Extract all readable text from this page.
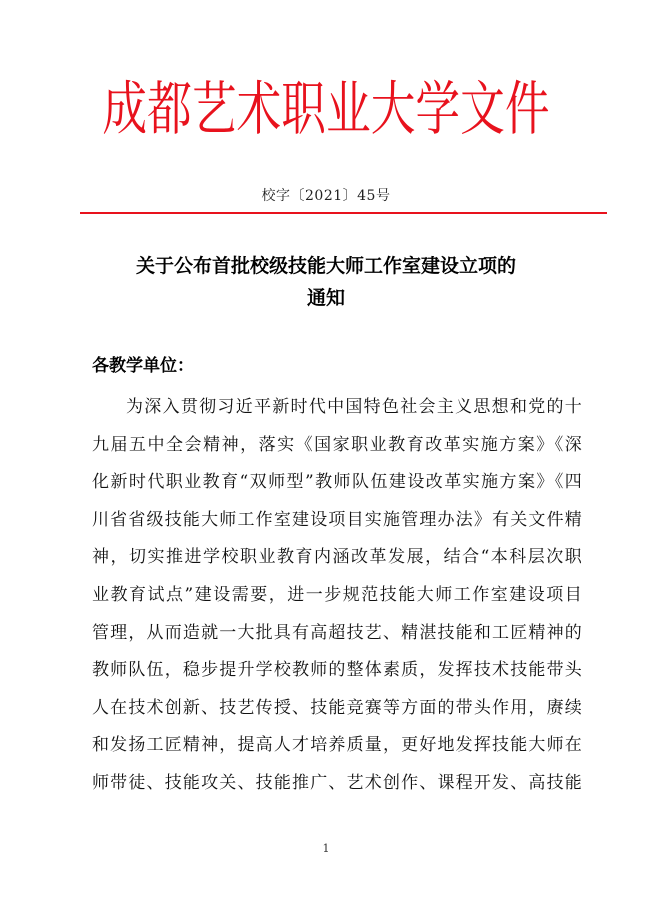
成都艺术职业大学文件
校字〔2021〕45号
关于公布首批校级技能大师工作室建设立项的
通知
各教学单位：
为深入贯彻习近平新时代中国特色社会主义思想和党的十
九届五中全会精神，落实《国家职业教育改革实施方案》《深
化新时代职业教育“双师型”教师队伍建设改革实施方案》《四
川省省级技能大师工作室建设项目实施管理办法》有关文件精
神，切实推进学校职业教育内涵改革发展，结合“本科层次职
业教育试点”建设需要，进一步规范技能大师工作室建设项目
管理，从而造就一大批具有高超技艺、精湛技能和工匠精神的
教师队伍，稳步提升学校教师的整体素质，发挥技术技能带头
人在技术创新、技艺传授、技能竞赛等方面的带头作用，赓续
和发扬工匠精神，提高人才培养质量，更好地发挥技能大师在
师带徒、技能攻关、技能推广、艺术创作、课程开发、高技能
1
